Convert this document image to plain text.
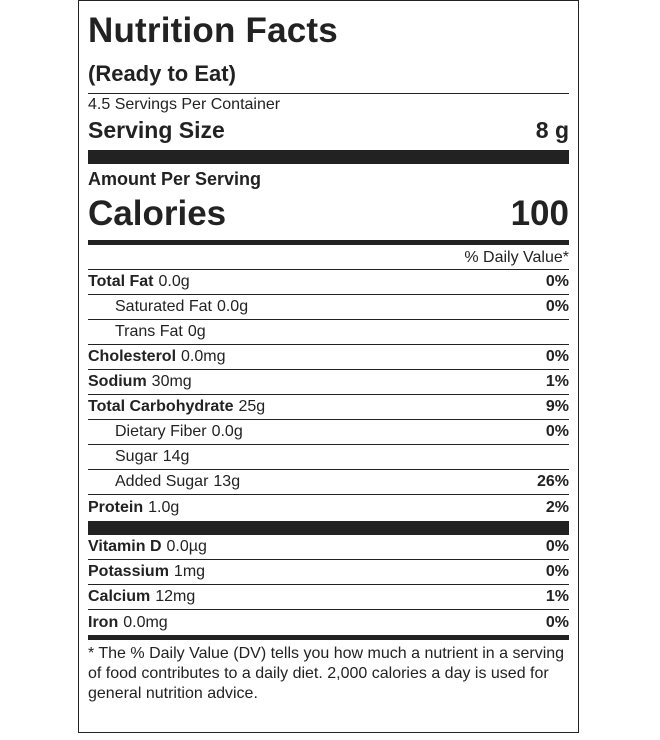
Nutrition Facts
(Ready to Eat)
4.5 Servings Per Container
Serving Size	8 g
Amount Per Serving
Calories	100
% Daily Value*
Total Fat 0.0g	0%
Saturated Fat 0.0g	0%
Trans Fat 0g
Cholesterol 0.0mg	0%
Sodium 30mg	1%
Total Carbohydrate 25g	9%
Dietary Fiber 0.0g	0%
Sugar 14g
Added Sugar 13g	26%
Protein 1.0g	2%
Vitamin D 0.0µg	0%
Potassium 1mg	0%
Calcium 12mg	1%
Iron 0.0mg	0%
* The % Daily Value (DV) tells you how much a nutrient in a serving of food contributes to a daily diet. 2,000 calories a day is used for general nutrition advice.
